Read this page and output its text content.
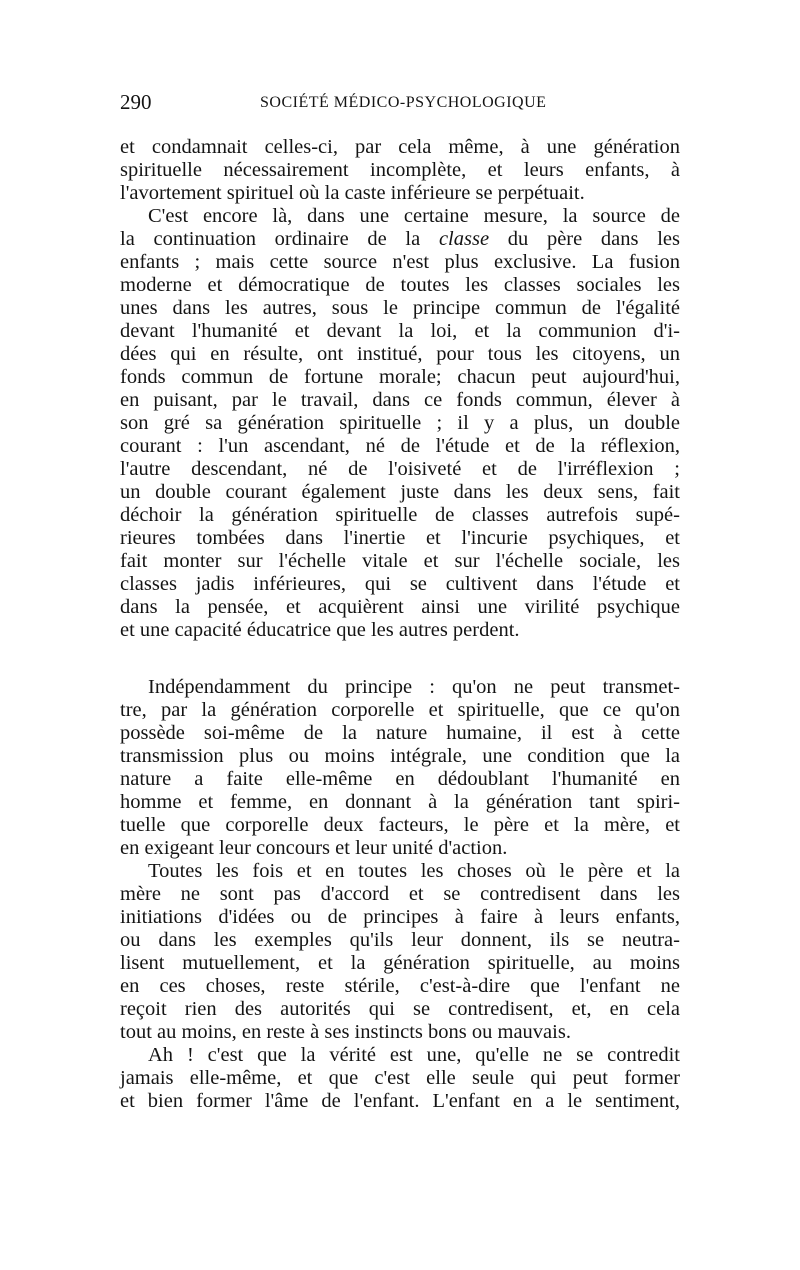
290	SOCIÉTÉ MÉDICO-PSYCHOLOGIQUE
et condamnait celles-ci, par cela même, à une génération
spirituelle nécessairement incomplète, et leurs enfants, à
l'avortement spirituel où la caste inférieure se perpétuait.
C'est encore là, dans une certaine mesure, la source de
la continuation ordinaire de la classe du père dans les
enfants ; mais cette source n'est plus exclusive. La fusion
moderne et démocratique de toutes les classes sociales les
unes dans les autres, sous le principe commun de l'égalité
devant l'humanité et devant la loi, et la communion d'i-
dées qui en résulte, ont institué, pour tous les citoyens, un
fonds commun de fortune morale; chacun peut aujourd'hui,
en puisant, par le travail, dans ce fonds commun, élever à
son gré sa génération spirituelle ; il y a plus, un double
courant : l'un ascendant, né de l'étude et de la réflexion,
l'autre descendant, né de l'oisiveté et de l'irréflexion ;
un double courant également juste dans les deux sens, fait
déchoir la génération spirituelle de classes autrefois supé-
rieures tombées dans l'inertie et l'incurie psychiques, et
fait monter sur l'échelle vitale et sur l'échelle sociale, les
classes jadis inférieures, qui se cultivent dans l'étude et
dans la pensée, et acquièrent ainsi une virilité psychique
et une capacité éducatrice que les autres perdent.
Indépendamment du principe : qu'on ne peut transmet-
tre, par la génération corporelle et spirituelle, que ce qu'on
possède soi-même de la nature humaine, il est à cette
transmission plus ou moins intégrale, une condition que la
nature a faite elle-même en dédoublant l'humanité en
homme et femme, en donnant à la génération tant spiri-
tuelle que corporelle deux facteurs, le père et la mère, et
en exigeant leur concours et leur unité d'action.
Toutes les fois et en toutes les choses où le père et la
mère ne sont pas d'accord et se contredisent dans les
initiations d'idées ou de principes à faire à leurs enfants,
ou dans les exemples qu'ils leur donnent, ils se neutra-
lisent mutuellement, et la génération spirituelle, au moins
en ces choses, reste stérile, c'est-à-dire que l'enfant ne
reçoit rien des autorités qui se contredisent, et, en cela
tout au moins, en reste à ses instincts bons ou mauvais.
Ah ! c'est que la vérité est une, qu'elle ne se contredit
jamais elle-même, et que c'est elle seule qui peut former
et bien former l'âme de l'enfant. L'enfant en a le sentiment,
